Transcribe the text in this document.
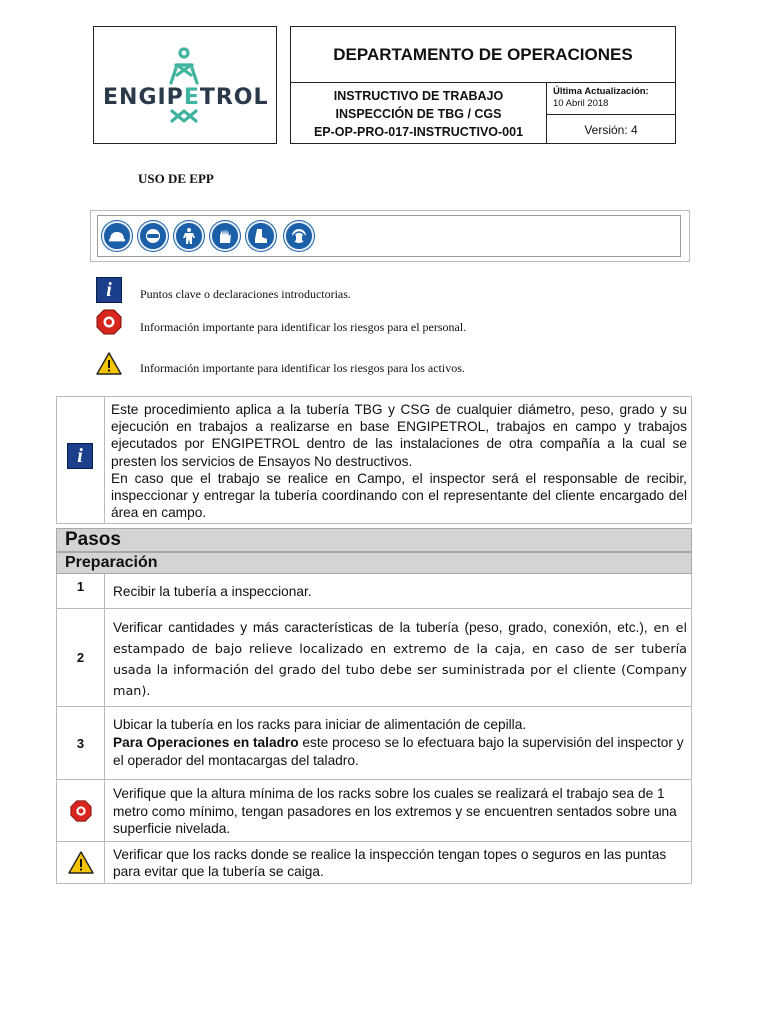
ENGIPETROL
DEPARTAMENTO DE OPERACIONES
INSTRUCTIVO DE TRABAJO
INSPECCIÓN DE TBG / CGS
EP-OP-PRO-017-INSTRUCTIVO-001
Última Actualización:
10 Abril 2018
Versión: 4
USO DE EPP
i	Puntos clave o declaraciones introductorias.
Información importante para identificar los riesgos para el personal.
Información importante para identificar los riesgos para los activos.
i

Este procedimiento aplica a la tubería TBG y CSG de cualquier diámetro, peso, grado y su ejecución en trabajos a realizarse en base ENGIPETROL, trabajos en campo y trabajos ejecutados por ENGIPETROL dentro de las instalaciones de otra compañía a la cual se presten los servicios de Ensayos No destructivos.

En caso que el trabajo se realice en Campo, el inspector será el responsable de recibir, inspeccionar y entregar la tubería coordinando con el representante del cliente encargado del área en campo.

Pasos
Preparación
1	Recibir la tubería a inspeccionar.
2
Verificar cantidades y más características de la tubería (peso, grado, conexión, etc.), en el estampado de bajo relieve localizado en extremo de la caja, en caso de ser tubería usada la información del grado del tubo debe ser suministrada por el cliente (Company man).
3
Ubicar la tubería en los racks para iniciar de alimentación de cepilla.
Para Operaciones en taladro este proceso se lo efectuara bajo la supervisión del inspector y el operador del montacargas del taladro.
Verifique que la altura mínima de los racks sobre los cuales se realizará el trabajo sea de 1 metro como mínimo, tengan pasadores en los extremos y se encuentren sentados sobre una superficie nivelada.
Verificar que los racks donde se realice la inspección tengan topes o seguros en las puntas para evitar que la tubería se caiga.
